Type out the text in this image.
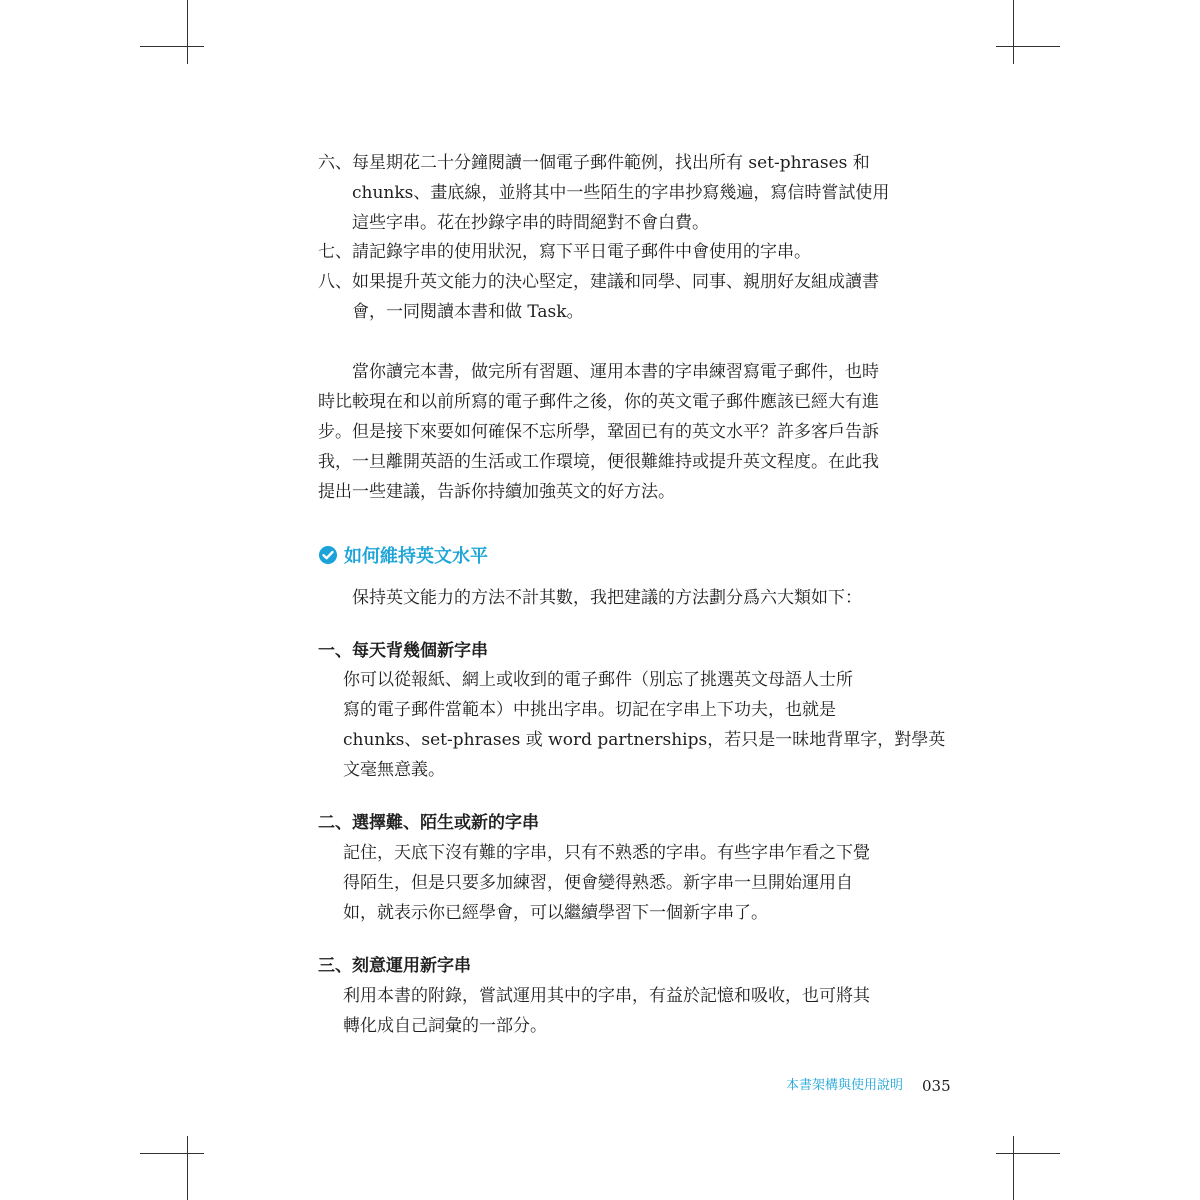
六、 每星期花二十分鐘閱讀一個電子郵件範例，找出所有 set-phrases 和
chunks、畫底線，並將其中一些陌生的字串抄寫幾遍，寫信時嘗試使用
這些字串。花在抄錄字串的時間絕對不會白費。
七、 請記錄字串的使用狀況，寫下平日電子郵件中會使用的字串。
八、 如果提升英文能力的決心堅定，建議和同學、同事、親朋好友組成讀書
會，一同閱讀本書和做 Task。
當你讀完本書，做完所有習題、運用本書的字串練習寫電子郵件，也時
時比較現在和以前所寫的電子郵件之後，你的英文電子郵件應該已經大有進
步。但是接下來要如何確保不忘所學，鞏固已有的英文水平？許多客戶告訴
我，一旦離開英語的生活或工作環境，便很難維持或提升英文程度。在此我
提出一些建議，告訴你持續加強英文的好方法。
如何維持英文水平
保持英文能力的方法不計其數，我把建議的方法劃分爲六大類如下：
一、每天背幾個新字串
你可以從報紙、網上或收到的電子郵件（別忘了挑選英文母語人士所
寫的電子郵件當範本）中挑出字串。切記在字串上下功夫，也就是
chunks、set-phrases 或 word partnerships，若只是一昧地背單字，對學英
文毫無意義。
二、選擇難、陌生或新的字串
記住，天底下沒有難的字串，只有不熟悉的字串。有些字串乍看之下覺
得陌生，但是只要多加練習，便會變得熟悉。新字串一旦開始運用自
如，就表示你已經學會，可以繼續學習下一個新字串了。
三、刻意運用新字串
利用本書的附錄，嘗試運用其中的字串，有益於記憶和吸收，也可將其
轉化成自己詞彙的一部分。
本書架構與使用說明 035
